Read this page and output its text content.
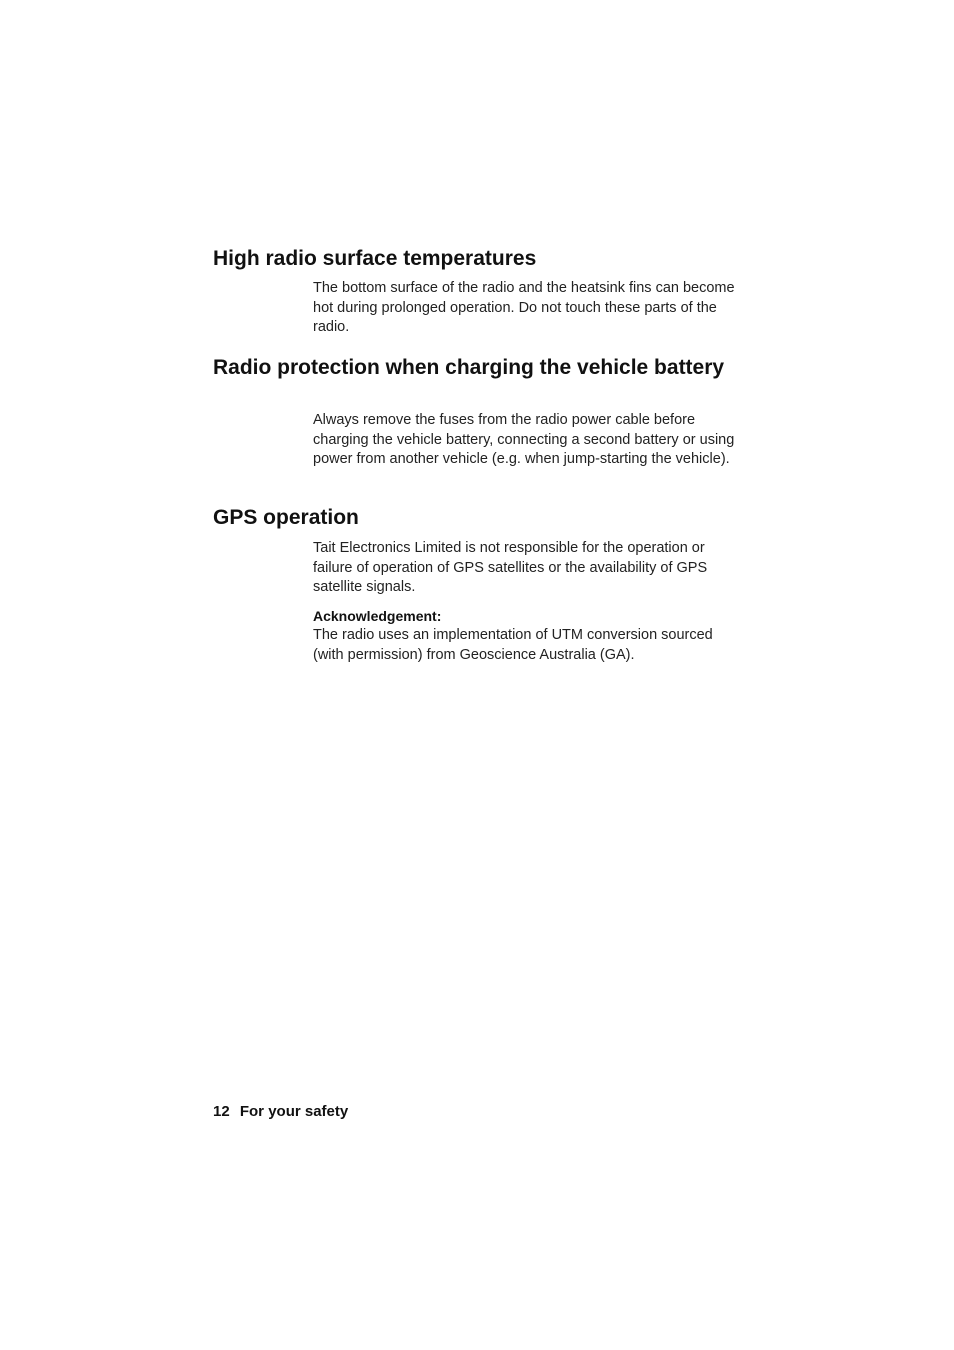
High radio surface temperatures

The bottom surface of the radio and the heatsink fins can become hot during prolonged operation. Do not touch these parts of the radio.

Radio protection when charging the vehicle battery

Always remove the fuses from the radio power cable before charging the vehicle battery, connecting a second battery or using power from another vehicle (e.g. when jump-starting the vehicle).

GPS operation

Tait Electronics Limited is not responsible for the operation or failure of operation of GPS satellites or the availability of GPS satellite signals.

Acknowledgement:

The radio uses an implementation of UTM conversion sourced (with permission) from Geoscience Australia (GA).

12 For your safety
